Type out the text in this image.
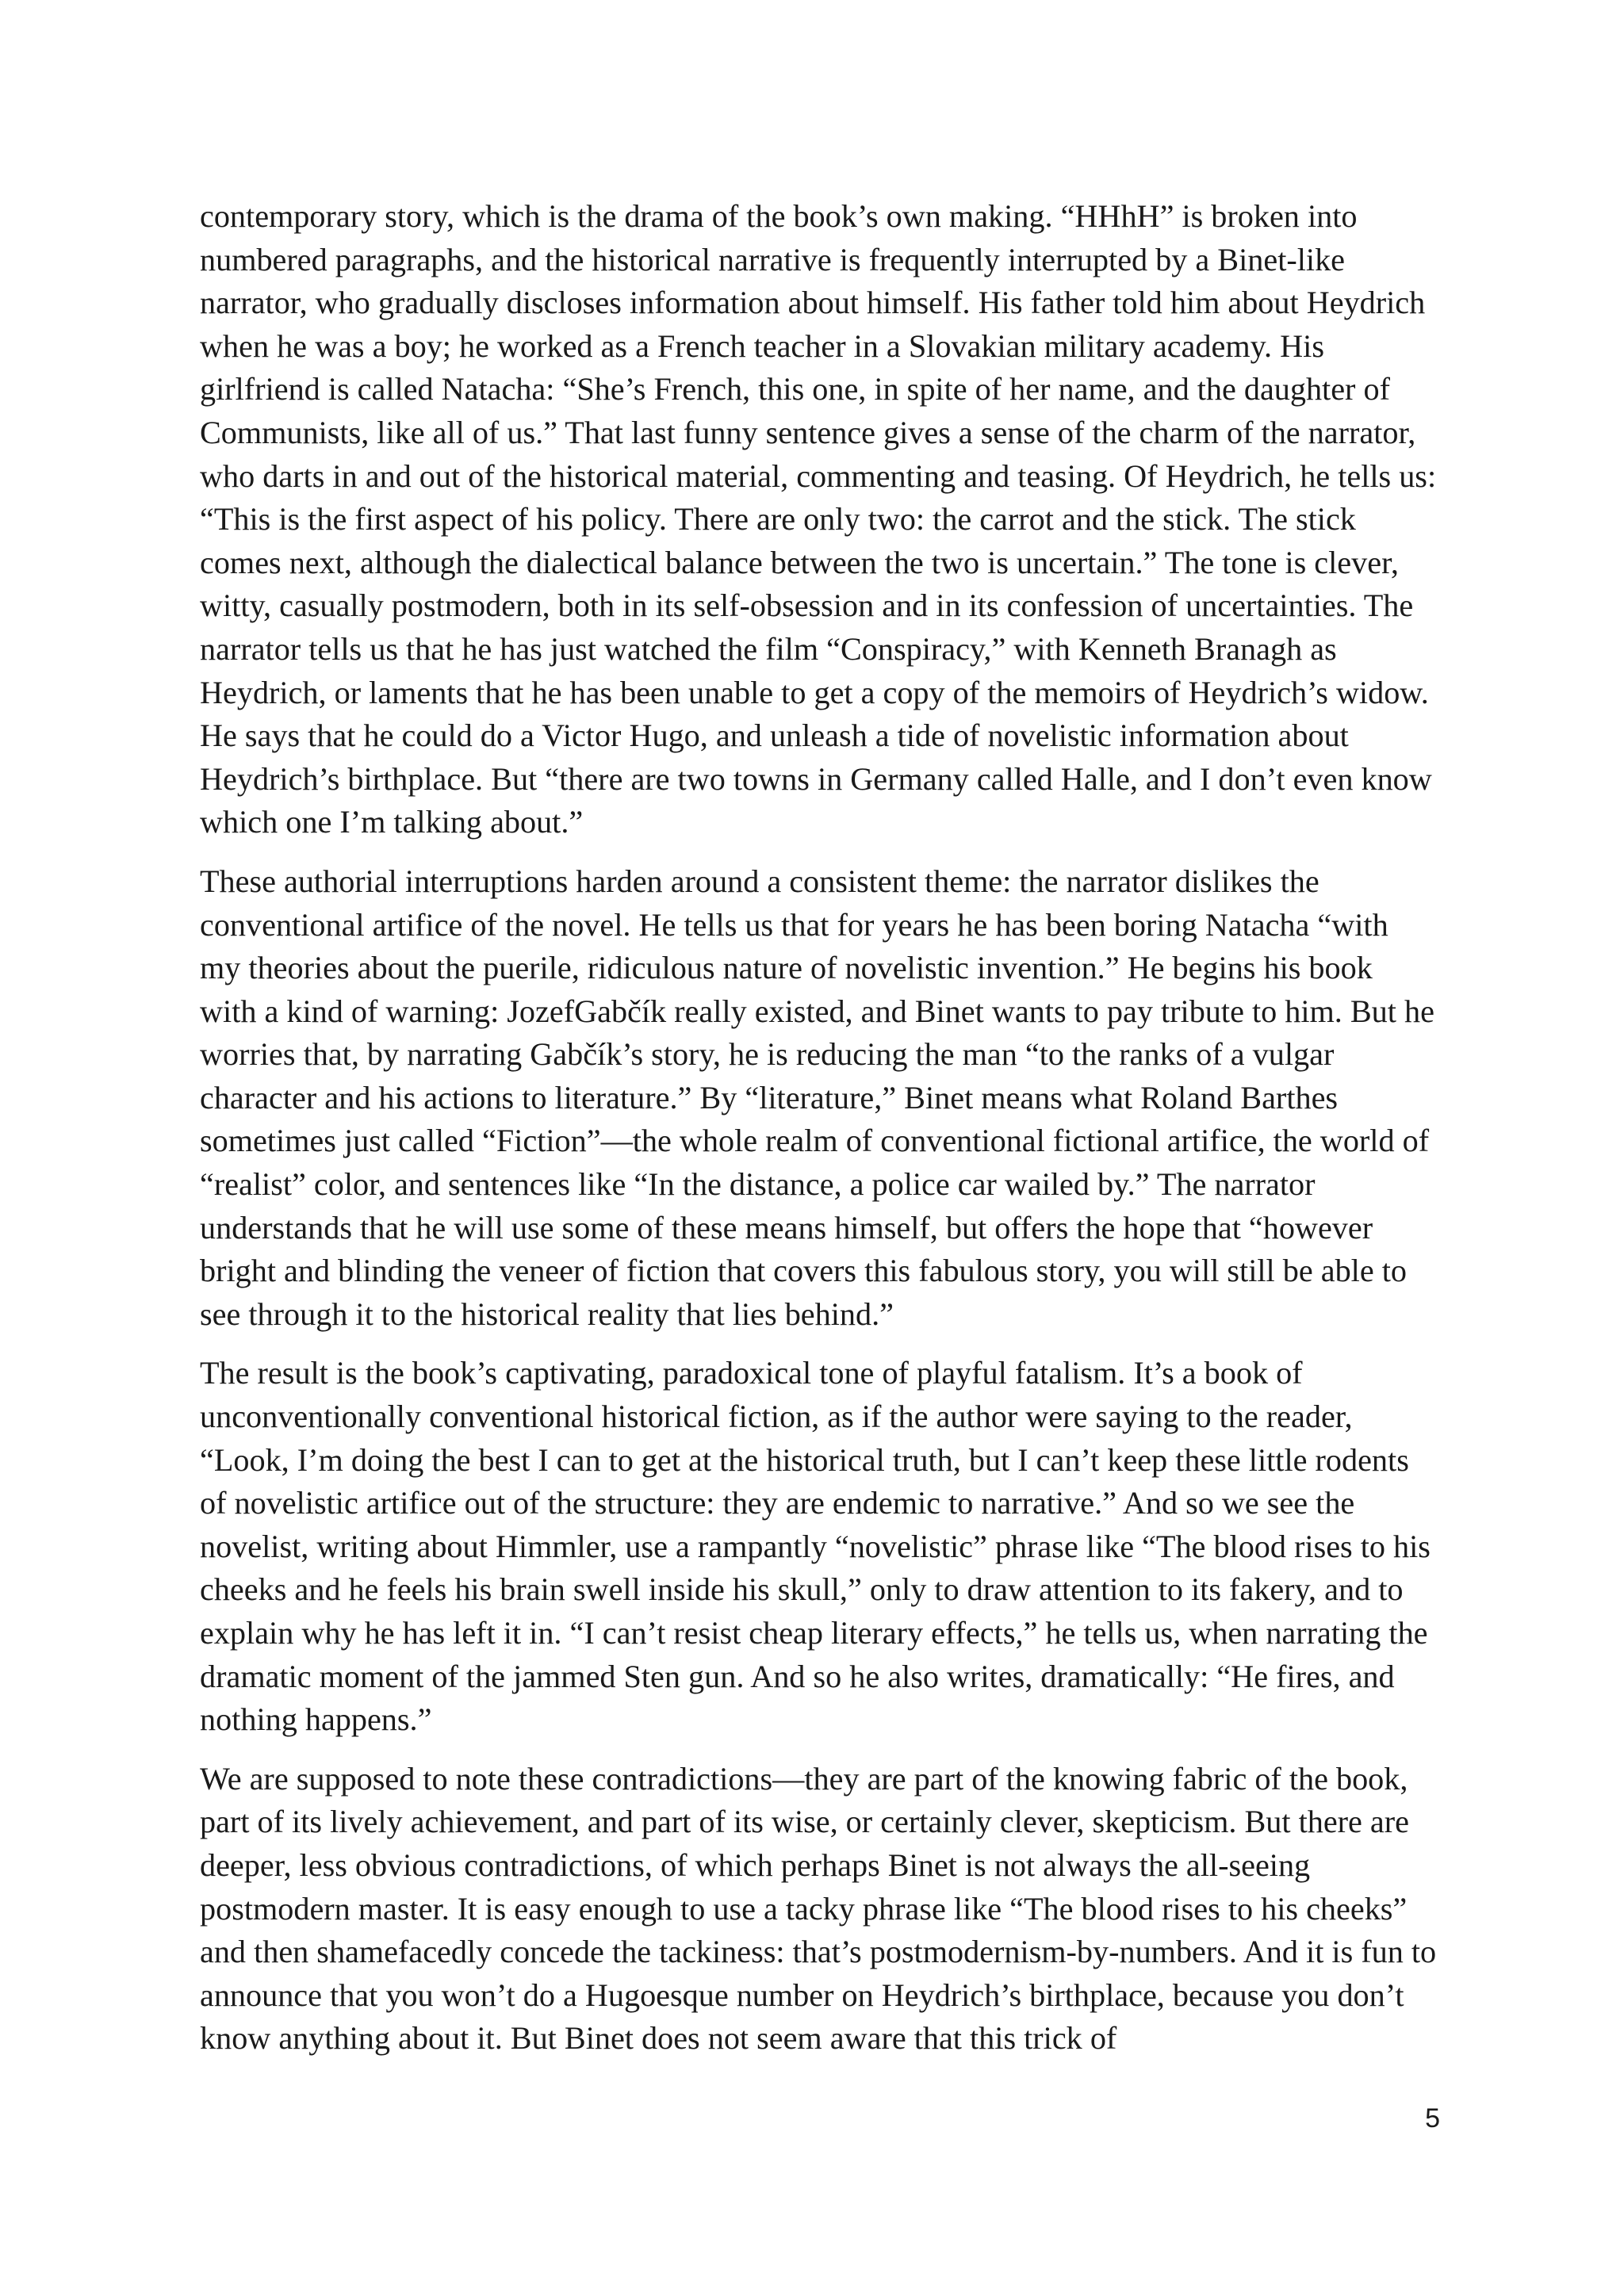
contemporary story, which is the drama of the book’s own making. “HHhH” is broken into numbered paragraphs, and the historical narrative is frequently interrupted by a Binet-like narrator, who gradually discloses information about himself. His father told him about Heydrich when he was a boy; he worked as a French teacher in a Slovakian military academy. His girlfriend is called Natacha: “She’s French, this one, in spite of her name, and the daughter of Communists, like all of us.” That last funny sentence gives a sense of the charm of the narrator, who darts in and out of the historical material, commenting and teasing. Of Heydrich, he tells us: “This is the first aspect of his policy. There are only two: the carrot and the stick. The stick comes next, although the dialectical balance between the two is uncertain.” The tone is clever, witty, casually postmodern, both in its self-obsession and in its confession of uncertainties. The narrator tells us that he has just watched the film “Conspiracy,” with Kenneth Branagh as Heydrich, or laments that he has been unable to get a copy of the memoirs of Heydrich’s widow. He says that he could do a Victor Hugo, and unleash a tide of novelistic information about Heydrich’s birthplace. But “there are two towns in Germany called Halle, and I don’t even know which one I’m talking about.”

These authorial interruptions harden around a consistent theme: the narrator dislikes the conventional artifice of the novel. He tells us that for years he has been boring Natacha “with my theories about the puerile, ridiculous nature of novelistic invention.” He begins his book with a kind of warning: JozefGabčík really existed, and Binet wants to pay tribute to him. But he worries that, by narrating Gabčík’s story, he is reducing the man “to the ranks of a vulgar character and his actions to literature.” By “literature,” Binet means what Roland Barthes sometimes just called “Fiction”—the whole realm of conventional fictional artifice, the world of “realist” color, and sentences like “In the distance, a police car wailed by.” The narrator understands that he will use some of these means himself, but offers the hope that “however bright and blinding the veneer of fiction that covers this fabulous story, you will still be able to see through it to the historical reality that lies behind.”

The result is the book’s captivating, paradoxical tone of playful fatalism. It’s a book of unconventionally conventional historical fiction, as if the author were saying to the reader, “Look, I’m doing the best I can to get at the historical truth, but I can’t keep these little rodents of novelistic artifice out of the structure: they are endemic to narrative.” And so we see the novelist, writing about Himmler, use a rampantly “novelistic” phrase like “The blood rises to his cheeks and he feels his brain swell inside his skull,” only to draw attention to its fakery, and to explain why he has left it in. “I can’t resist cheap literary effects,” he tells us, when narrating the dramatic moment of the jammed Sten gun. And so he also writes, dramatically: “He fires, and nothing happens.”

We are supposed to note these contradictions—they are part of the knowing fabric of the book, part of its lively achievement, and part of its wise, or certainly clever, skepticism. But there are deeper, less obvious contradictions, of which perhaps Binet is not always the all-seeing postmodern master. It is easy enough to use a tacky phrase like “The blood rises to his cheeks” and then shamefacedly concede the tackiness: that’s postmodernism-by-numbers. And it is fun to announce that you won’t do a Hugoesque number on Heydrich’s birthplace, because you don’t know anything about it. But Binet does not seem aware that this trick of

5
